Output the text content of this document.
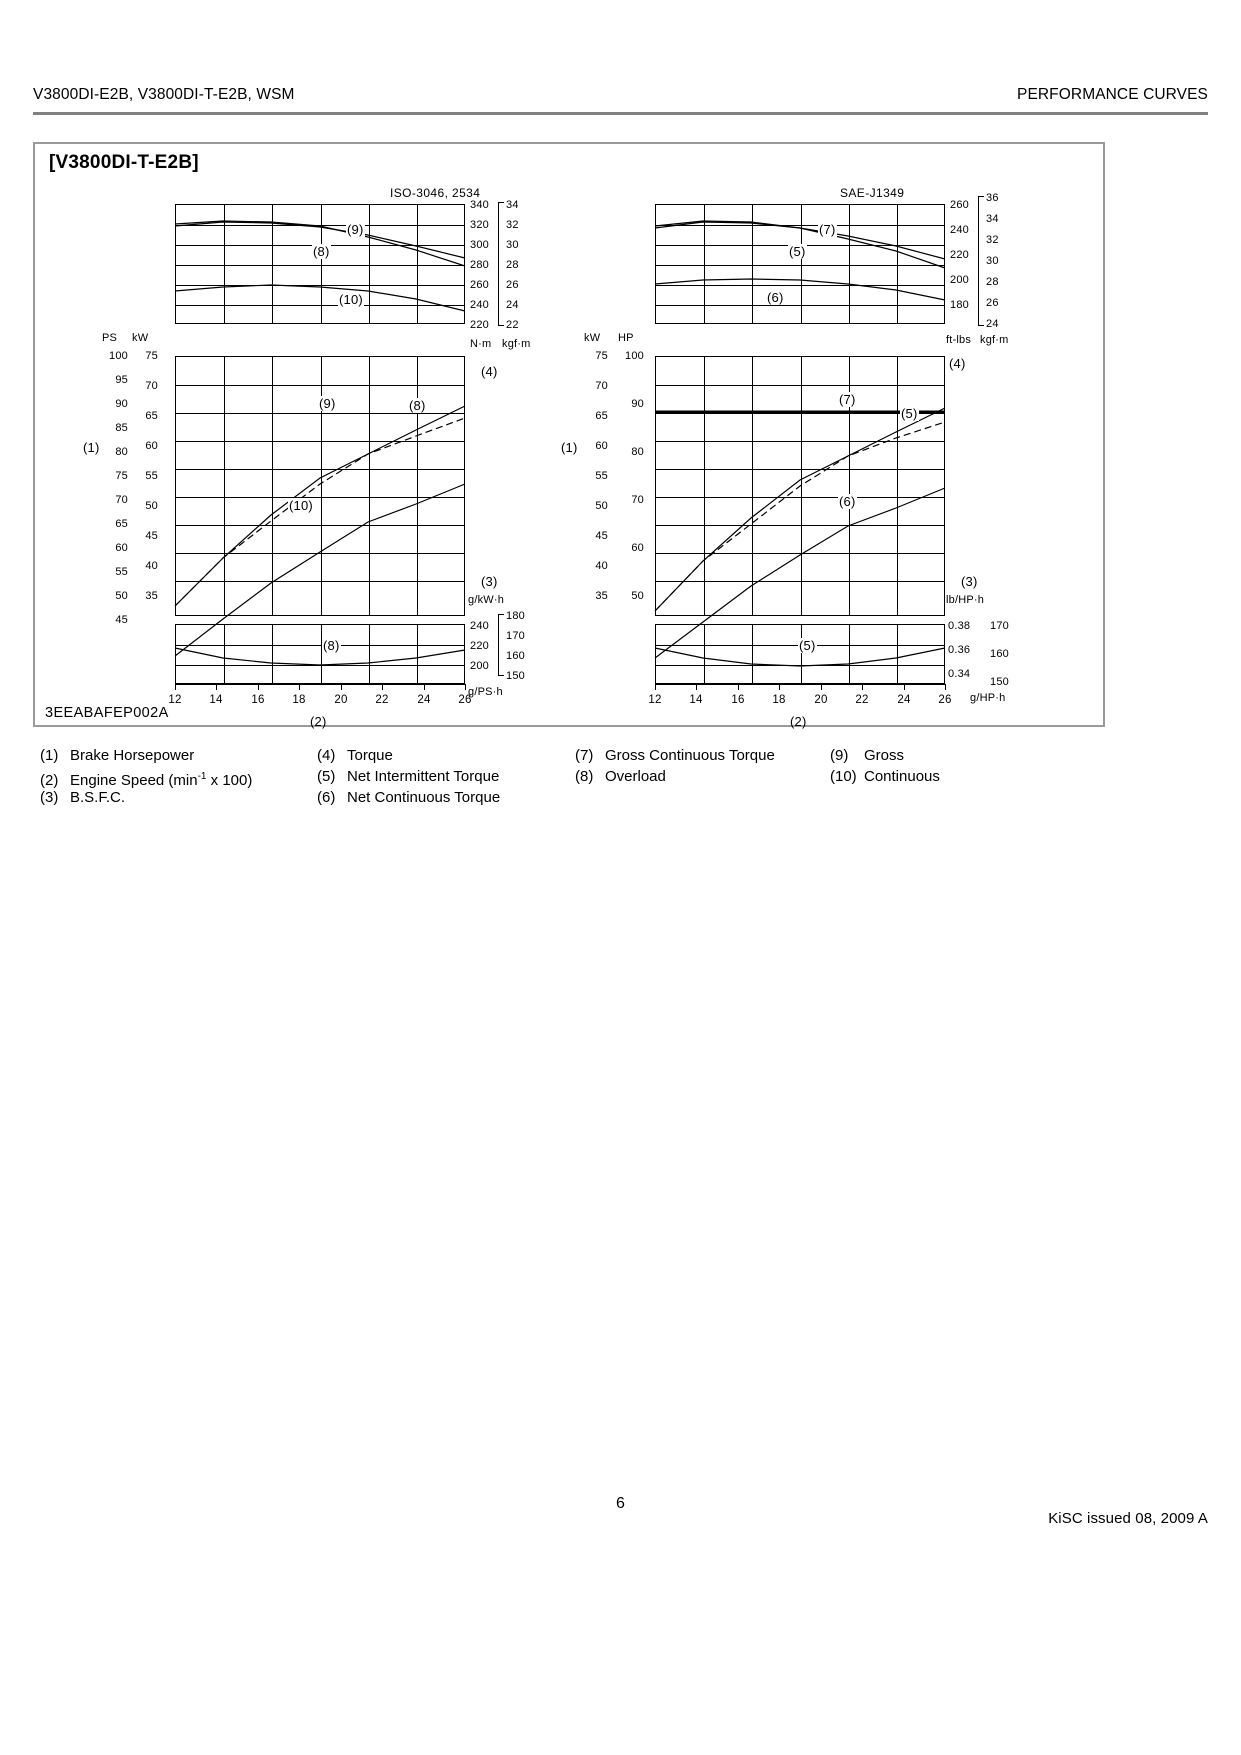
V3800DI-E2B, V3800DI-T-E2B, WSM	PERFORMANCE CURVES
[V3800DI-T-E2B]
3EEABAFEP002A
ISO-3046, 2534
340
320
300
280
260
240
220
34
32
30
28
26
24
22
N·m kgf·m
(9)
(8)
(10)
(4)
PS kW
100
95
90
85
80
75
70
65
60
55
50
45
75
70
65
60
55
50
45
40
35
(1)
(9)	(8)
(10)
240
220
200
180
170
160
150
g/kW·h
g/PS·h
(3)
(8)
12 14	16 18	20 22	24 26
(2)
SAE-J1349
260
240
220
200
180
36
34
32
30
28
26
24
ft-lbs kgf·m
(7)
(5)
(6)
(4)
kW HP
75
70
65
60
55
50
45
40
35
100
90
80
70
60
50
(1)
(7)
(5)
(6)
0.38
0.36
0.34
170
160
150
lb/HP·h
g/HP·h
(3)
(5)
12 14	16 18	20 22	24 26
(2)
(1) Brake Horsepower
(2) Engine Speed ($\min^{-1}$ x 100)
(3) B.S.F.C.
(4) Torque
(5) Net Intermittent Torque
(6) Net Continuous Torque
(7) Gross Continuous Torque
(8) Overload
(9) Gross
(10) Continuous
6
KiSC issued 08, 2009 A
